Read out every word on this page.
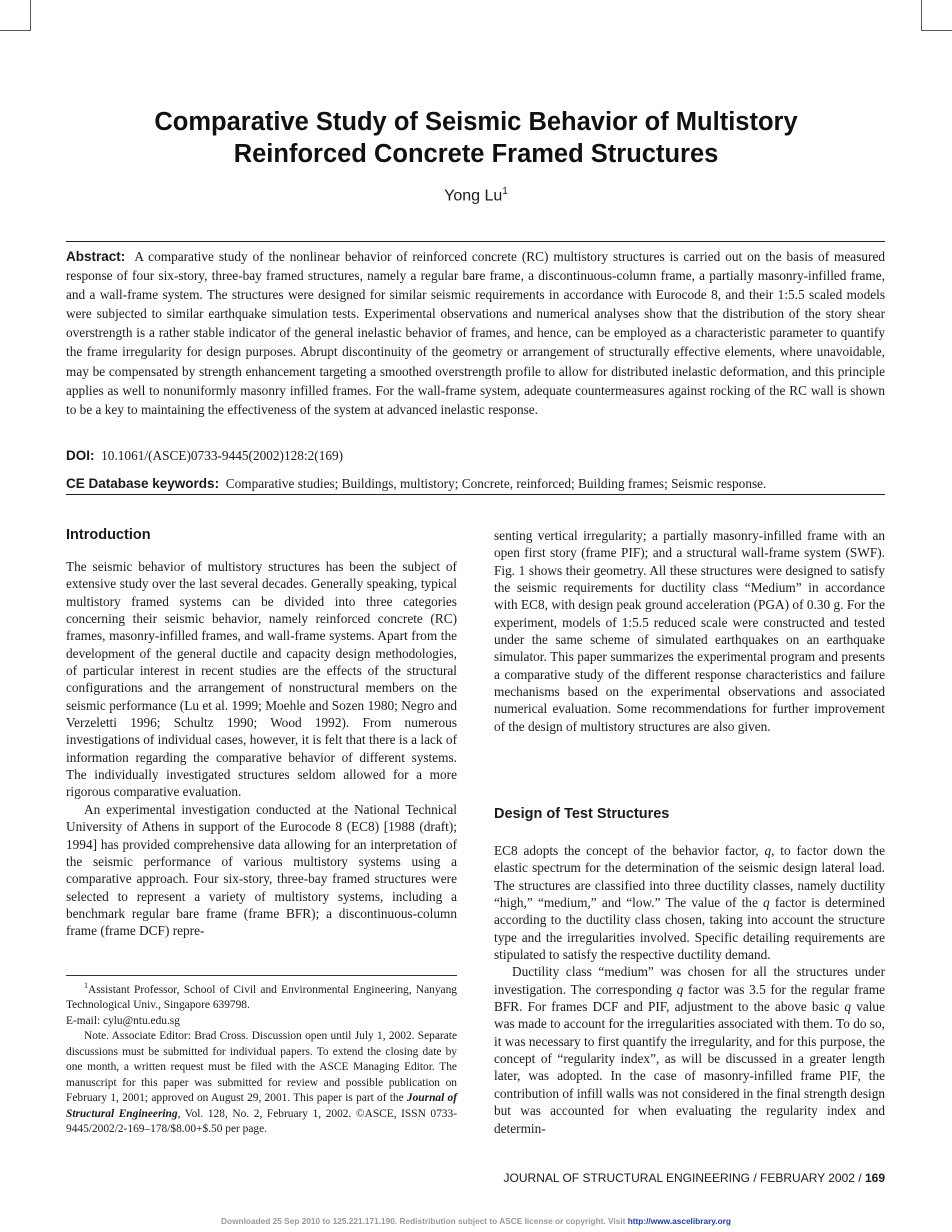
Comparative Study of Seismic Behavior of Multistory
Reinforced Concrete Framed Structures
Yong Lu$^1$
Abstract: A comparative study of the nonlinear behavior of reinforced concrete (RC) multistory structures is carried out on the basis of measured response of four six-story, three-bay framed structures, namely a regular bare frame, a discontinuous-column frame, a partially masonry-infilled frame, and a wall-frame system. The structures were designed for similar seismic requirements in accordance with Eurocode 8, and their 1:5.5 scaled models were subjected to similar earthquake simulation tests. Experimental observations and numerical analyses show that the distribution of the story shear overstrength is a rather stable indicator of the general inelastic behavior of frames, and hence, can be employed as a characteristic parameter to quantify the frame irregularity for design purposes. Abrupt discontinuity of the geometry or arrangement of structurally effective elements, where unavoidable, may be compensated by strength enhancement targeting a smoothed overstrength profile to allow for distributed inelastic deformation, and this principle applies as well to nonuniformly masonry infilled frames. For the wall-frame system, adequate countermeasures against rocking of the RC wall is shown to be a key to maintaining the effectiveness of the system at advanced inelastic response.
DOI: 10.1061/(ASCE)0733-9445(2002)128:2(169)
CE Database keywords: Comparative studies; Buildings, multistory; Concrete, reinforced; Building frames; Seismic response.
Introduction

The seismic behavior of multistory structures has been the subject of extensive study over the last several decades. Generally speaking, typical multistory framed systems can be divided into three categories concerning their seismic behavior, namely reinforced concrete (RC) frames, masonry-infilled frames, and wall-frame systems. Apart from the development of the general ductile and capacity design methodologies, of particular interest in recent studies are the effects of the structural configurations and the arrangement of nonstructural members on the seismic performance (Lu et al. 1999; Moehle and Sozen 1980; Negro and Verzeletti 1996; Schultz 1990; Wood 1992). From numerous investigations of individual cases, however, it is felt that there is a lack of information regarding the comparative behavior of different systems. The individually investigated structures seldom allowed for a more rigorous comparative evaluation.

An experimental investigation conducted at the National Technical University of Athens in support of the Eurocode 8 (EC8) [1988 (draft); 1994] has provided comprehensive data allowing for an interpretation of the seismic performance of various multistory systems using a comparative approach. Four six-story, three-bay framed structures were selected to represent a variety of multistory systems, including a benchmark regular bare frame (frame BFR); a discontinuous-column frame (frame DCF) repre-

$^1$Assistant Professor, School of Civil and Environmental Engineering, Nanyang Technological Univ., Singapore 639798.

E-mail: cylu@ntu.edu.sg

Note. Associate Editor: Brad Cross. Discussion open until July 1, 2002. Separate discussions must be submitted for individual papers. To extend the closing date by one month, a written request must be filed with the ASCE Managing Editor. The manuscript for this paper was submitted for review and possible publication on February 1, 2001; approved on August 29, 2001. This paper is part of the Journal of Structural Engineering, Vol. 128, No. 2, February 1, 2002. ©ASCE, ISSN 0733-9445/2002/2-169–178/$8.00+$.50 per page.

senting vertical irregularity; a partially masonry-infilled frame with an open first story (frame PIF); and a structural wall-frame system (SWF). Fig. 1 shows their geometry. All these structures were designed to satisfy the seismic requirements for ductility class “Medium” in accordance with EC8, with design peak ground acceleration (PGA) of 0.30 g. For the experiment, models of 1:5.5 reduced scale were constructed and tested under the same scheme of simulated earthquakes on an earthquake simulator. This paper summarizes the experimental program and presents a comparative study of the different response characteristics and failure mechanisms based on the experimental observations and associated numerical evaluation. Some recommendations for further improvement of the design of multistory structures are also given.

Design of Test Structures

EC8 adopts the concept of the behavior factor, q, to factor down the elastic spectrum for the determination of the seismic design lateral load. The structures are classified into three ductility classes, namely ductility “high,” “medium,” and “low.” The value of the q factor is determined according to the ductility class chosen, taking into account the structure type and the irregularities involved. Specific detailing requirements are stipulated to satisfy the respective ductility demand.

Ductility class “medium” was chosen for all the structures under investigation. The corresponding q factor was 3.5 for the regular frame BFR. For frames DCF and PIF, adjustment to the above basic q value was made to account for the irregularities associated with them. To do so, it was necessary to first quantify the irregularity, and for this purpose, the concept of “regularity index”, as will be discussed in a greater length later, was adopted. In the case of masonry-infilled frame PIF, the contribution of infill walls was not considered in the final strength design but was accounted for when evaluating the regularity index and determin-

JOURNAL OF STRUCTURAL ENGINEERING / FEBRUARY 2002 / 169
Downloaded 25 Sep 2010 to 125.221.171.190. Redistribution subject to ASCE license or copyright. Visit http://www.ascelibrary.org
